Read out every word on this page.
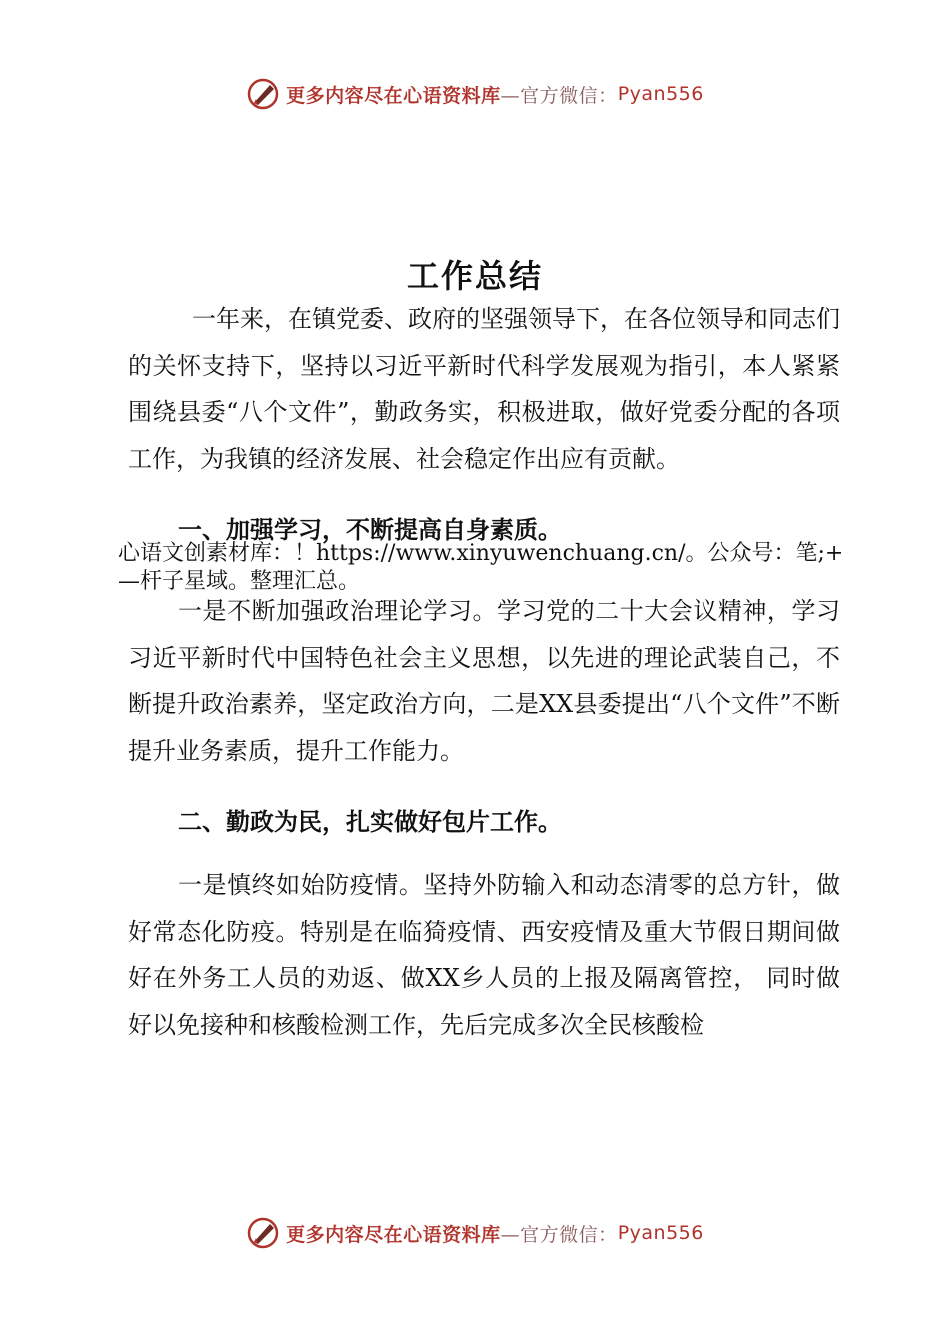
更多内容尽在心语资料库 —官方微信： Pyan556
工作总结

一年来，在镇党委、政府的坚强领导下，在各位领导和同志们的关怀支持下，坚持以习近平新时代科学发展观为指引，本人紧紧围绕县委“八个文件”，勤政务实，积极进取，做好党委分配的各项工作，为我镇的经济发展、社会稳定作出应有贡献。

一、加强学习，不断提高自身素质。

心语文创素材库：！https://www.xinyuwenchuang.cn/。公众号：笔;+—杆子星域。整理汇总。

一是不断加强政治理论学习。学习党的二十大会议精神，学习习近平新时代中国特色社会主义思想，以先进的理论武装自己，不断提升政治素养，坚定政治方向，二是XX县委提出“八个文件”不断提升业务素质，提升工作能力。

二、勤政为民，扎实做好包片工作。

一是慎终如始防疫情。坚持外防输入和动态清零的总方针，做好常态化防疫。特别是在临猗疫情、西安疫情及重大节假日期间做好在外务工人员的劝返、做XX乡人员的上报及隔离管控， 同时做好以免接种和核酸检测工作，先后完成多次全民核酸检

更多内容尽在心语资料库 —官方微信： Pyan556
